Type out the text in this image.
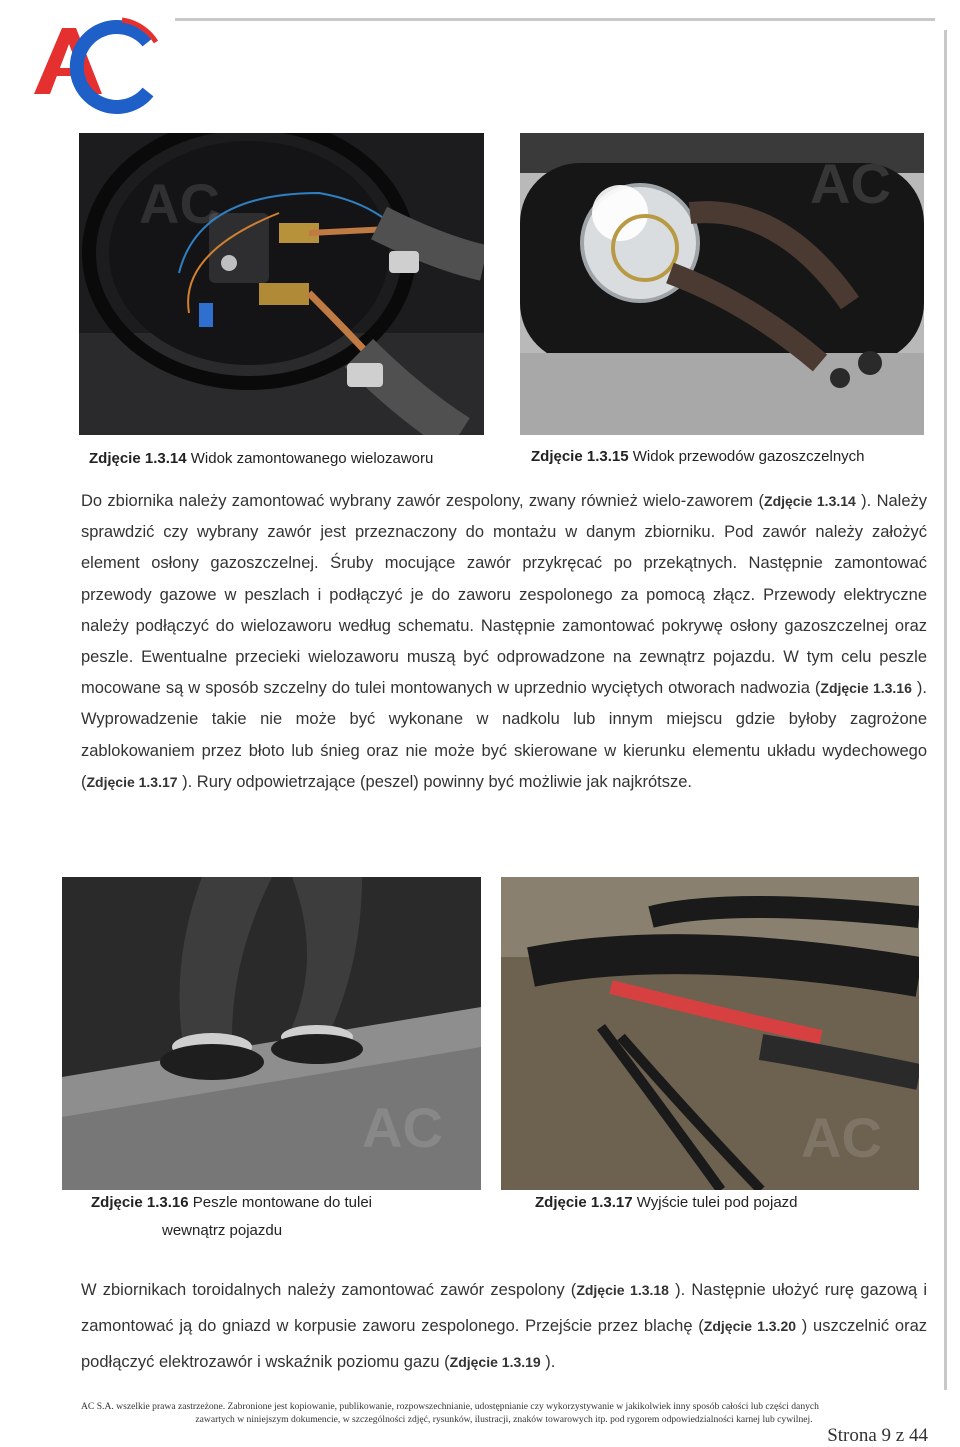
AC	AC
Zdjęcie 1.3.14 Widok zamontowanego wielozaworu	Zdjęcie 1.3.15 Widok przewodów gazoszczelnych
Do zbiornika należy zamontować wybrany zawór zespolony, zwany również wielo-zaworem (Zdjęcie 1.3.14 ). Należy sprawdzić czy wybrany zawór jest przeznaczony do montażu w danym zbiorniku. Pod zawór należy założyć element osłony gazoszczelnej. Śruby mocujące zawór przykręcać po przekątnych. Następnie zamontować przewody gazowe w peszlach i podłączyć je do zaworu zespolonego za pomocą złącz. Przewody elektryczne należy podłączyć do wielozaworu według schematu. Następnie zamontować pokrywę osłony gazoszczelnej oraz peszle. Ewentualne przecieki wielozaworu muszą być odprowadzone na zewnątrz pojazdu. W tym celu peszle mocowane są w sposób szczelny do tulei montowanych w uprzednio wyciętych otworach nadwozia (Zdjęcie 1.3.16 ). Wyprowadzenie takie nie może być wykonane w nadkolu lub innym miejscu gdzie byłoby zagrożone zablokowaniem przez błoto lub śnieg oraz nie może być skierowane w kierunku elementu układu wydechowego (Zdjęcie 1.3.17 ). Rury odpowietrzające (peszel) powinny być możliwie jak najkrótsze.
AC	AC
Zdjęcie 1.3.16 Peszle montowane do tulei
wewnątrz pojazdu
Zdjęcie 1.3.17 Wyjście tulei pod pojazd
W zbiornikach toroidalnych należy zamontować zawór zespolony (Zdjęcie 1.3.18 ). Następnie ułożyć rurę gazową i zamontować ją do gniazd w korpusie zaworu zespolonego. Przejście przez blachę (Zdjęcie 1.3.20 ) uszczelnić oraz podłączyć elektrozawór i wskaźnik poziomu gazu (Zdjęcie 1.3.19 ).
AC S.A. wszelkie prawa zastrzeżone. Zabronione jest kopiowanie, publikowanie, rozpowszechnianie, udostępnianie czy wykorzystywanie w jakikolwiek inny sposób całości lub części danych
zawartych w niniejszym dokumencie, w szczególności zdjęć, rysunków, ilustracji, znaków towarowych itp. pod rygorem odpowiedzialności karnej lub cywilnej.
Strona 9 z 44
